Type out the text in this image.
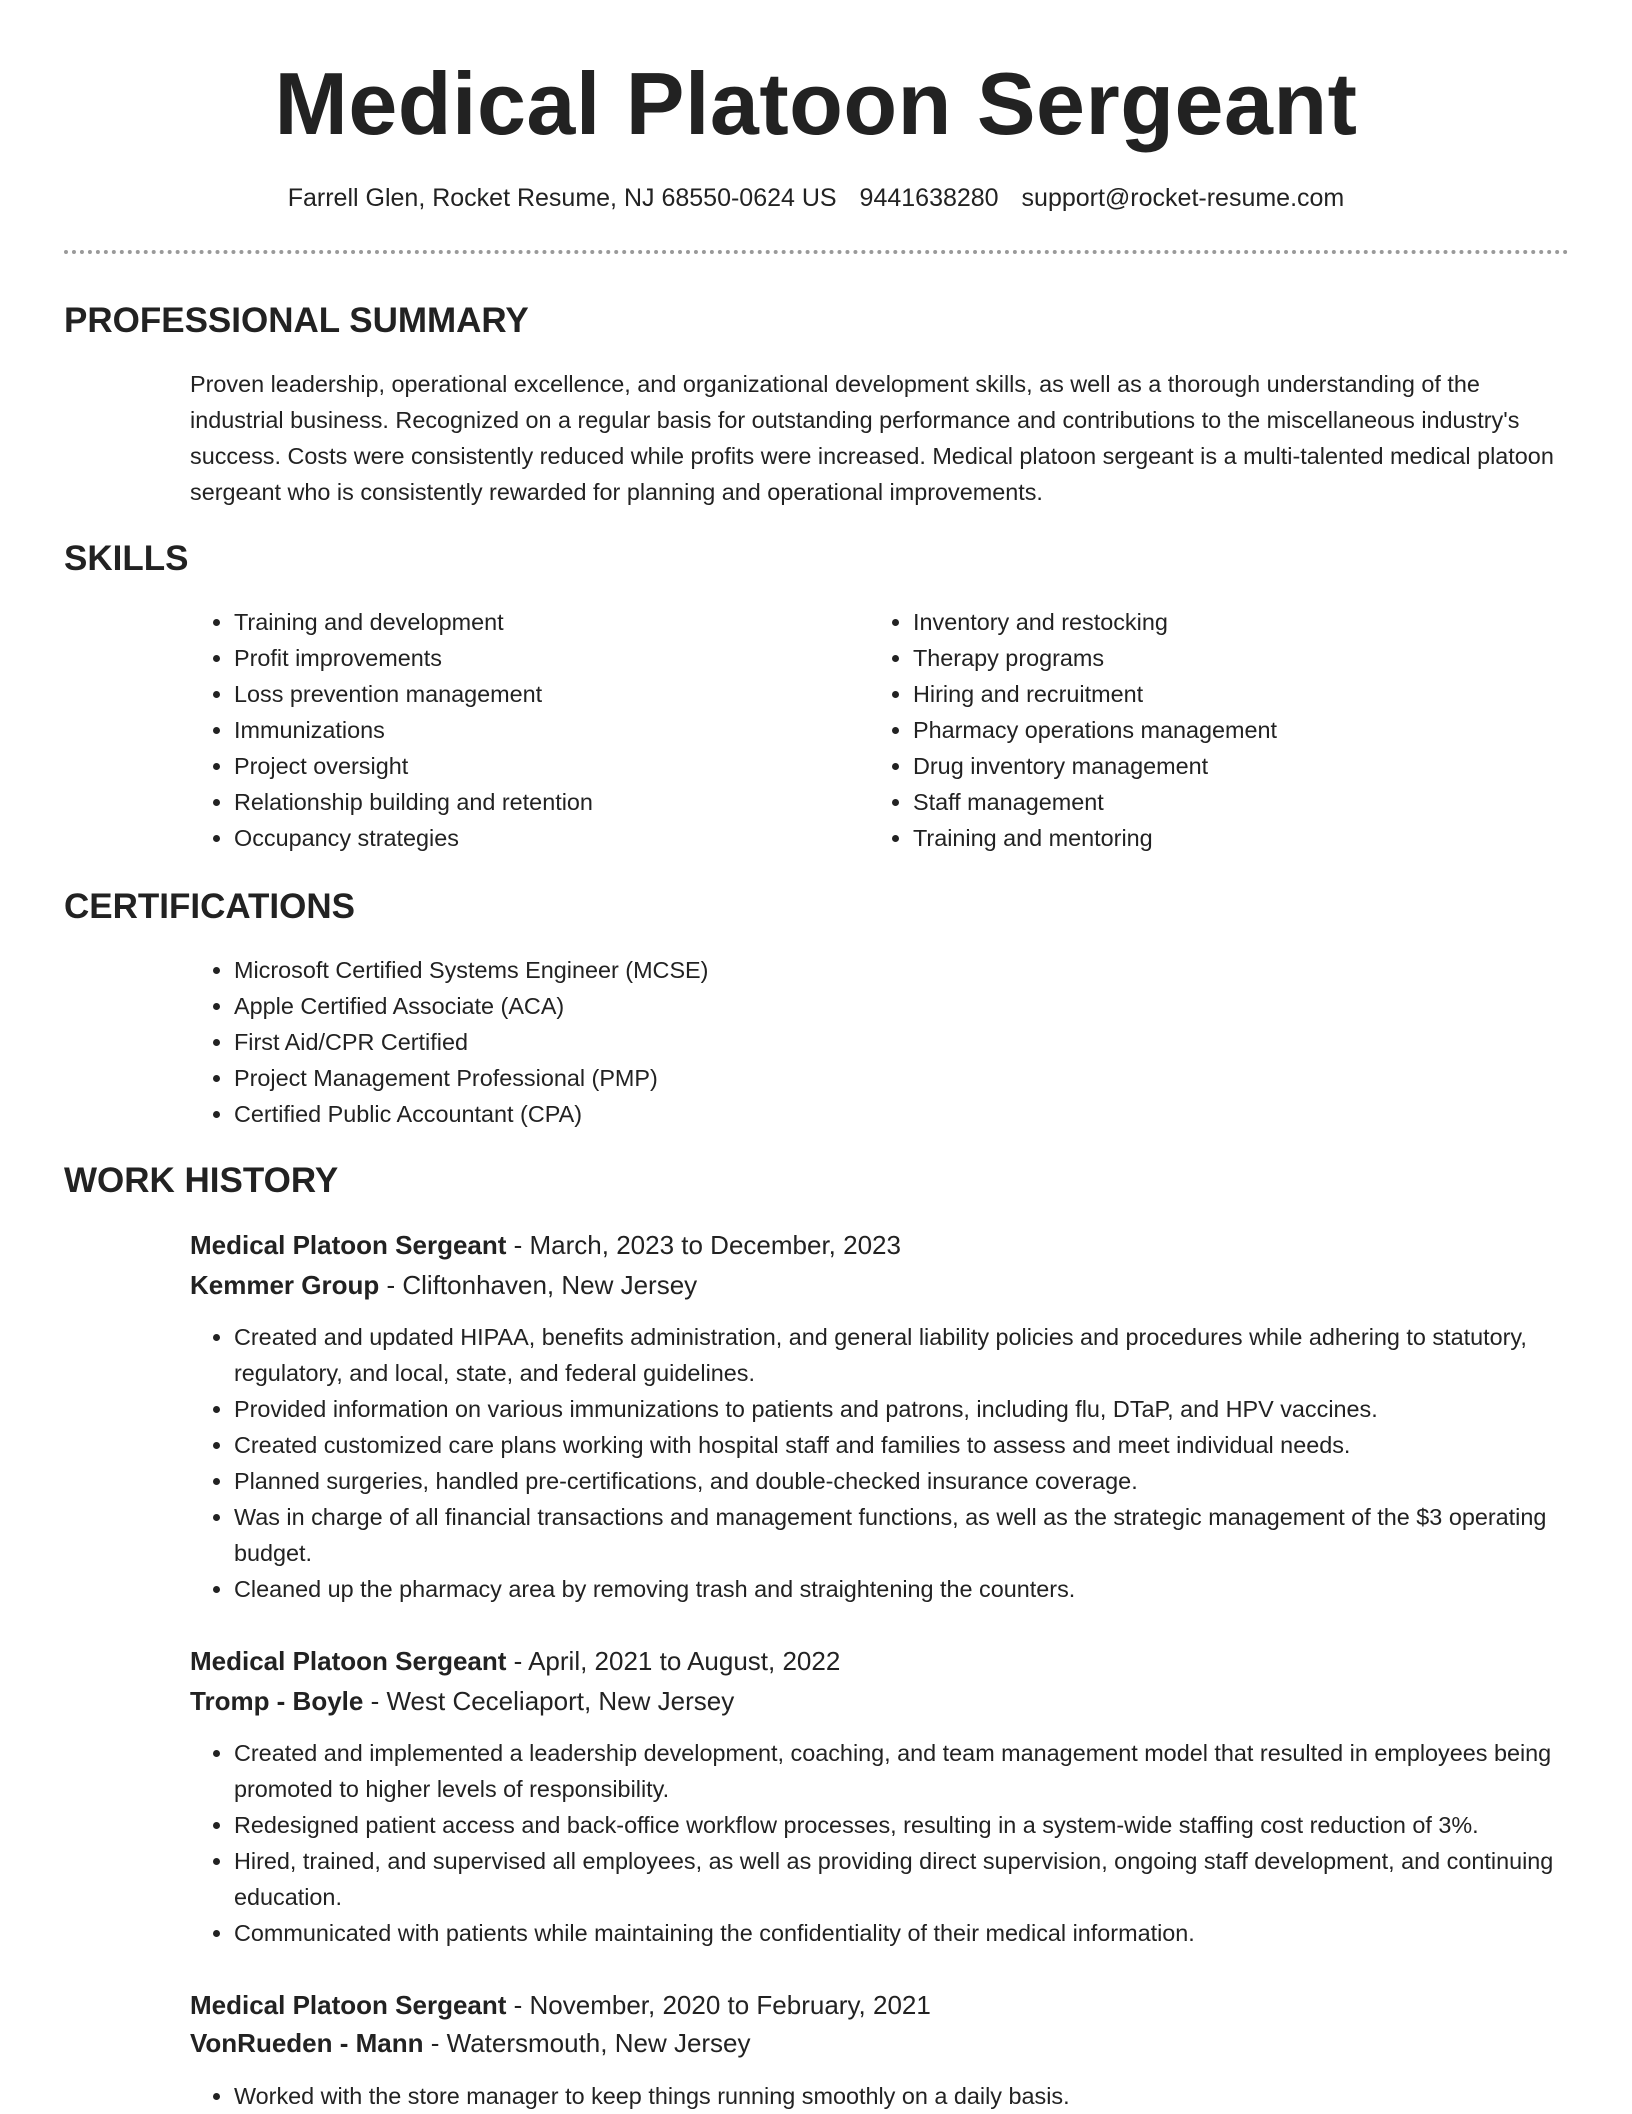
Medical Platoon Sergeant
Farrell Glen, Rocket Resume, NJ 68550-0624 US 9441638280 support@rocket-resume.com
PROFESSIONAL SUMMARY
Proven leadership, operational excellence, and organizational development skills, as well as a thorough understanding of the industrial business. Recognized on a regular basis for outstanding performance and contributions to the miscellaneous industry's success. Costs were consistently reduced while profits were increased. Medical platoon sergeant is a multi-talented medical platoon sergeant who is consistently rewarded for planning and operational improvements.
SKILLS
• Training and development
• Profit improvements
• Loss prevention management
• Immunizations
• Project oversight
• Relationship building and retention
• Occupancy strategies
• Inventory and restocking
• Therapy programs
• Hiring and recruitment
• Pharmacy operations management
• Drug inventory management
• Staff management
• Training and mentoring
CERTIFICATIONS
• Microsoft Certified Systems Engineer (MCSE)
• Apple Certified Associate (ACA)
• First Aid/CPR Certified
• Project Management Professional (PMP)
• Certified Public Accountant (CPA)
WORK HISTORY
Medical Platoon Sergeant - March, 2023 to December, 2023
Kemmer Group - Cliftonhaven, New Jersey
• Created and updated HIPAA, benefits administration, and general liability policies and procedures while adhering to statutory, regulatory, and local, state, and federal guidelines.
• Provided information on various immunizations to patients and patrons, including flu, DTaP, and HPV vaccines.
• Created customized care plans working with hospital staff and families to assess and meet individual needs.
• Planned surgeries, handled pre-certifications, and double-checked insurance coverage.
• Was in charge of all financial transactions and management functions, as well as the strategic management of the $3 operating budget.
• Cleaned up the pharmacy area by removing trash and straightening the counters.
Medical Platoon Sergeant - April, 2021 to August, 2022
Tromp - Boyle - West Ceceliaport, New Jersey
• Created and implemented a leadership development, coaching, and team management model that resulted in employees being promoted to higher levels of responsibility.
• Redesigned patient access and back-office workflow processes, resulting in a system-wide staffing cost reduction of 3%.
• Hired, trained, and supervised all employees, as well as providing direct supervision, ongoing staff development, and continuing education.
• Communicated with patients while maintaining the confidentiality of their medical information.
Medical Platoon Sergeant - November, 2020 to February, 2021
VonRueden - Mann - Watersmouth, New Jersey
• Worked with the store manager to keep things running smoothly on a daily basis.
